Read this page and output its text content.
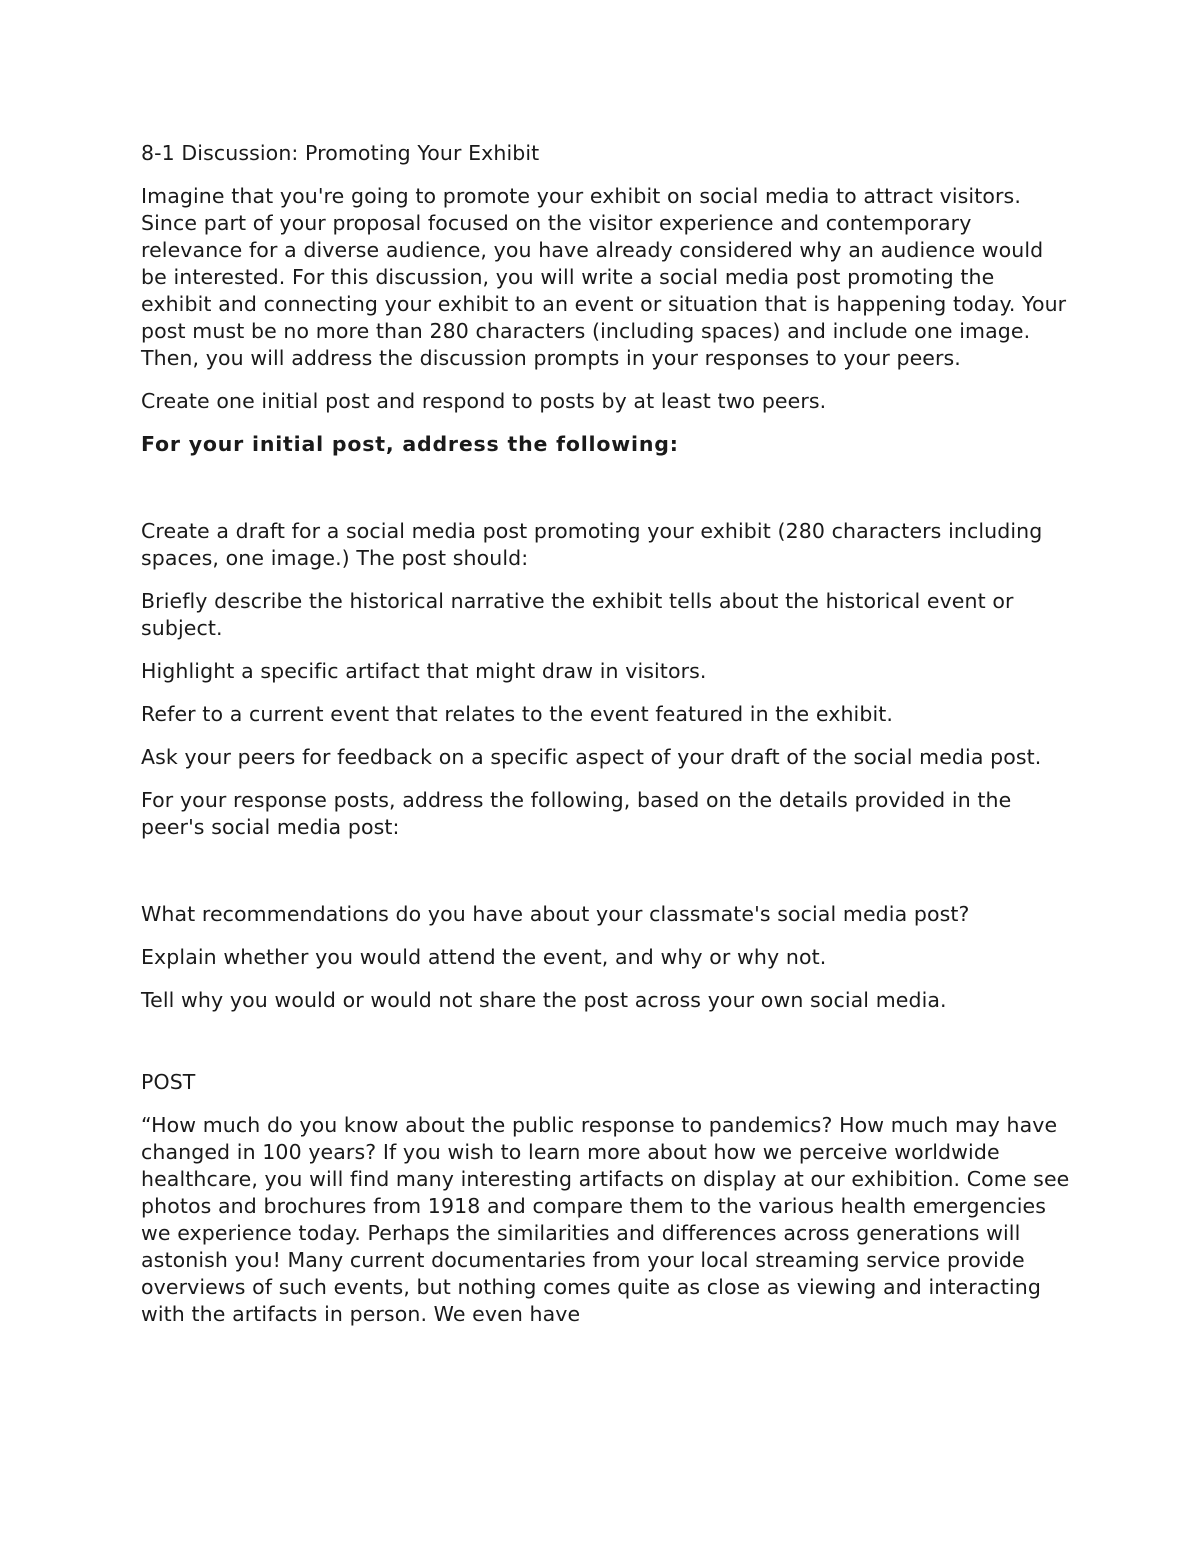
8-1 Discussion: Promoting Your Exhibit

Imagine that you're going to promote your exhibit on social media to attract visitors. Since part of your proposal focused on the visitor experience and contemporary relevance for a diverse audience, you have already considered why an audience would be interested. For this discussion, you will write a social media post promoting the exhibit and connecting your exhibit to an event or situation that is happening today. Your post must be no more than 280 characters (including spaces) and include one image. Then, you will address the discussion prompts in your responses to your peers.

Create one initial post and respond to posts by at least two peers.

For your initial post, address the following:

Create a draft for a social media post promoting your exhibit (280 characters including spaces, one image.) The post should:

Briefly describe the historical narrative the exhibit tells about the historical event or subject.

Highlight a specific artifact that might draw in visitors.

Refer to a current event that relates to the event featured in the exhibit.

Ask your peers for feedback on a specific aspect of your draft of the social media post.

For your response posts, address the following, based on the details provided in the peer's social media post:

What recommendations do you have about your classmate's social media post?

Explain whether you would attend the event, and why or why not.

Tell why you would or would not share the post across your own social media.

POST

“How much do you know about the public response to pandemics? How much may have changed in 100 years? If you wish to learn more about how we perceive worldwide healthcare, you will find many interesting artifacts on display at our exhibition. Come see photos and brochures from 1918 and compare them to the various health emergencies we experience today. Perhaps the similarities and differences across generations will astonish you! Many current documentaries from your local streaming service provide overviews of such events, but nothing comes quite as close as viewing and interacting with the artifacts in person. We even have
